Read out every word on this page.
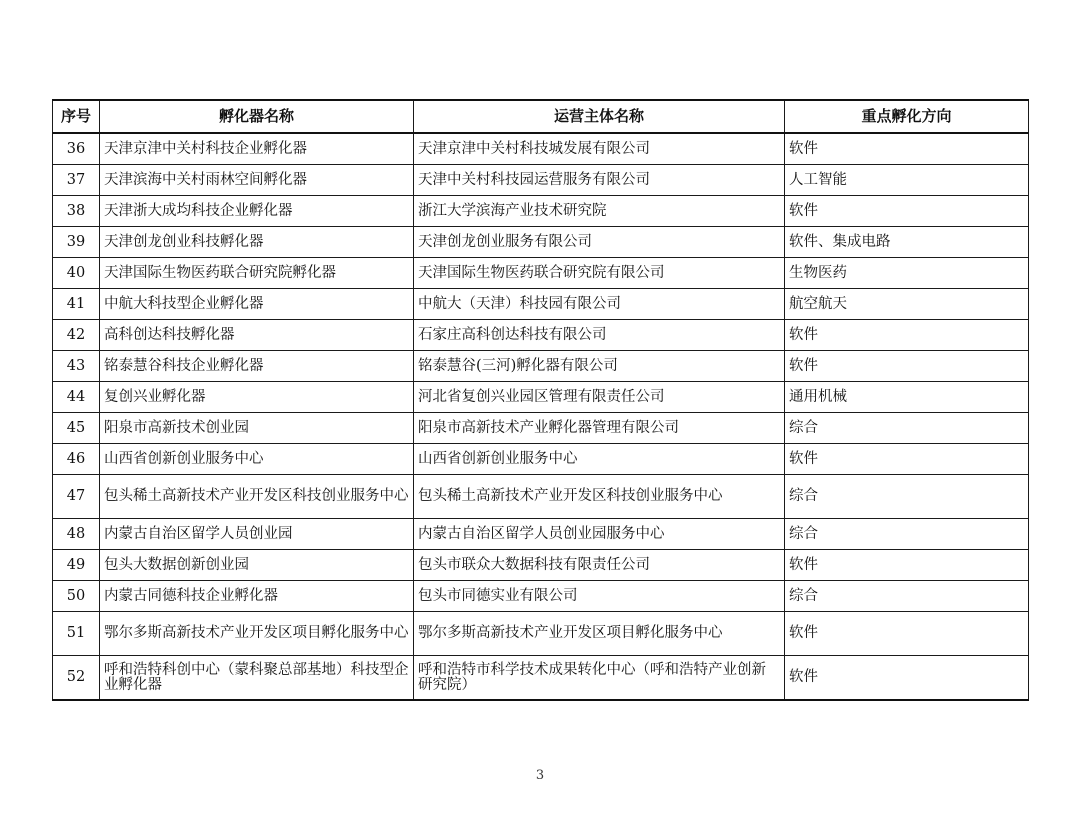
序号	孵化器名称	运营主体名称	重点孵化方向
36	天津京津中关村科技企业孵化器	天津京津中关村科技城发展有限公司	软件
37	天津滨海中关村雨林空间孵化器	天津中关村科技园运营服务有限公司	人工智能
38	天津浙大成均科技企业孵化器	浙江大学滨海产业技术研究院	软件
39	天津创龙创业科技孵化器	天津创龙创业服务有限公司	软件、集成电路
40	天津国际生物医药联合研究院孵化器	天津国际生物医药联合研究院有限公司	生物医药
41	中航大科技型企业孵化器	中航大（天津）科技园有限公司	航空航天
42	高科创达科技孵化器	石家庄高科创达科技有限公司	软件
43	铭泰慧谷科技企业孵化器	铭泰慧谷(三河)孵化器有限公司	软件
44	复创兴业孵化器	河北省复创兴业园区管理有限责任公司	通用机械
45	阳泉市高新技术创业园	阳泉市高新技术产业孵化器管理有限公司	综合
46	山西省创新创业服务中心	山西省创新创业服务中心	软件
47	包头稀土高新技术产业开发区科技创业服务中心	包头稀土高新技术产业开发区科技创业服务中心	综合
48	内蒙古自治区留学人员创业园	内蒙古自治区留学人员创业园服务中心	综合
49	包头大数据创新创业园	包头市联众大数据科技有限责任公司	软件
50	内蒙古同德科技企业孵化器	包头市同德实业有限公司	综合
51	鄂尔多斯高新技术产业开发区项目孵化服务中心	鄂尔多斯高新技术产业开发区项目孵化服务中心	软件
52	呼和浩特科创中心（蒙科聚总部基地）科技型企业孵化器	呼和浩特市科学技术成果转化中心（呼和浩特产业创新研究院）	软件
3
